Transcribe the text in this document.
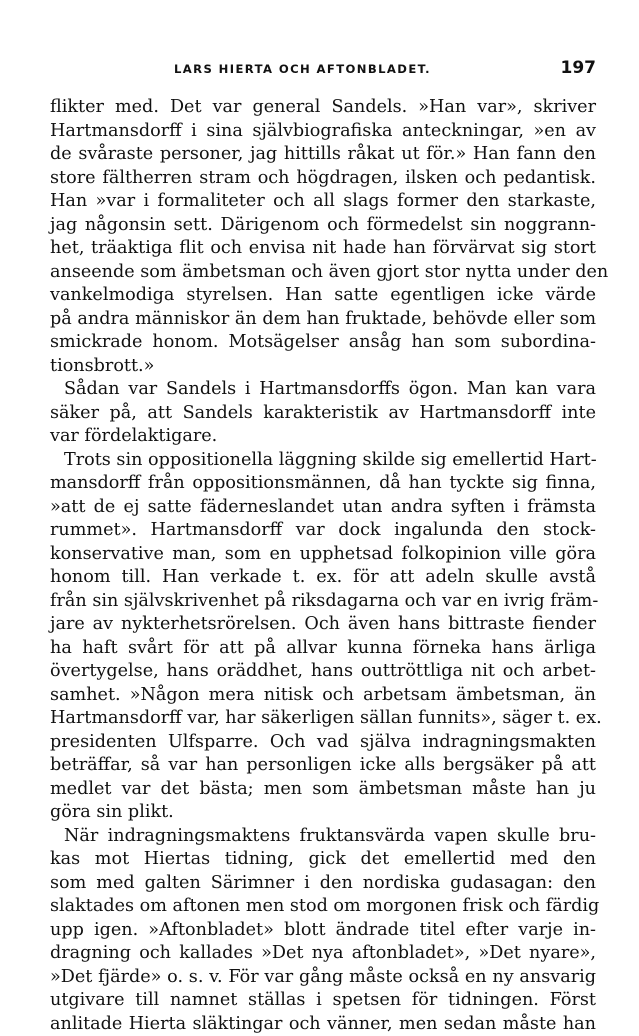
LARS HIERTA OCH AFTONBLADET.	197
flikter med. Det var general Sandels. »Han var», skriver
Hartmansdorff i sina självbiografiska anteckningar, »en av
de svåraste personer, jag hittills råkat ut för.» Han fann den
store fältherren stram och högdragen, ilsken och pedantisk.
Han »var i formaliteter och all slags former den starkaste,
jag någonsin sett. Därigenom och förmedelst sin noggrann-
het, träaktiga flit och envisa nit hade han förvärvat sig stort
anseende som ämbetsman och även gjort stor nytta under den
vankelmodiga styrelsen. Han satte egentligen icke värde
på andra människor än dem han fruktade, behövde eller som
smickrade honom. Motsägelser ansåg han som subordina-
tionsbrott.»
Sådan var Sandels i Hartmansdorffs ögon. Man kan vara
säker på, att Sandels karakteristik av Hartmansdorff inte
var fördelaktigare.
Trots sin oppositionella läggning skilde sig emellertid Hart-
mansdorff från oppositionsmännen, då han tyckte sig finna,
»att de ej satte fäderneslandet utan andra syften i främsta
rummet». Hartmansdorff var dock ingalunda den stock-
konservative man, som en upphetsad folkopinion ville göra
honom till. Han verkade t. ex. för att adeln skulle avstå
från sin självskrivenhet på riksdagarna och var en ivrig främ-
jare av nykterhetsrörelsen. Och även hans bittraste fiender
ha haft svårt för att på allvar kunna förneka hans ärliga
övertygelse, hans oräddhet, hans outtröttliga nit och arbet-
samhet. »Någon mera nitisk och arbetsam ämbetsman, än
Hartmansdorff var, har säkerligen sällan funnits», säger t. ex.
presidenten Ulfsparre. Och vad själva indragningsmakten
beträffar, så var han personligen icke alls bergsäker på att
medlet var det bästa; men som ämbetsman måste han ju
göra sin plikt.
När indragningsmaktens fruktansvärda vapen skulle bru-
kas mot Hiertas tidning, gick det emellertid med den
som med galten Särimner i den nordiska gudasagan: den
slaktades om aftonen men stod om morgonen frisk och färdig
upp igen. »Aftonbladet» blott ändrade titel efter varje in-
dragning och kallades »Det nya aftonbladet», »Det nyare»,
»Det fjärde» o. s. v. För var gång måste också en ny ansvarig
utgivare till namnet ställas i spetsen för tidningen. Först
anlitade Hierta släktingar och vänner, men sedan måste han
